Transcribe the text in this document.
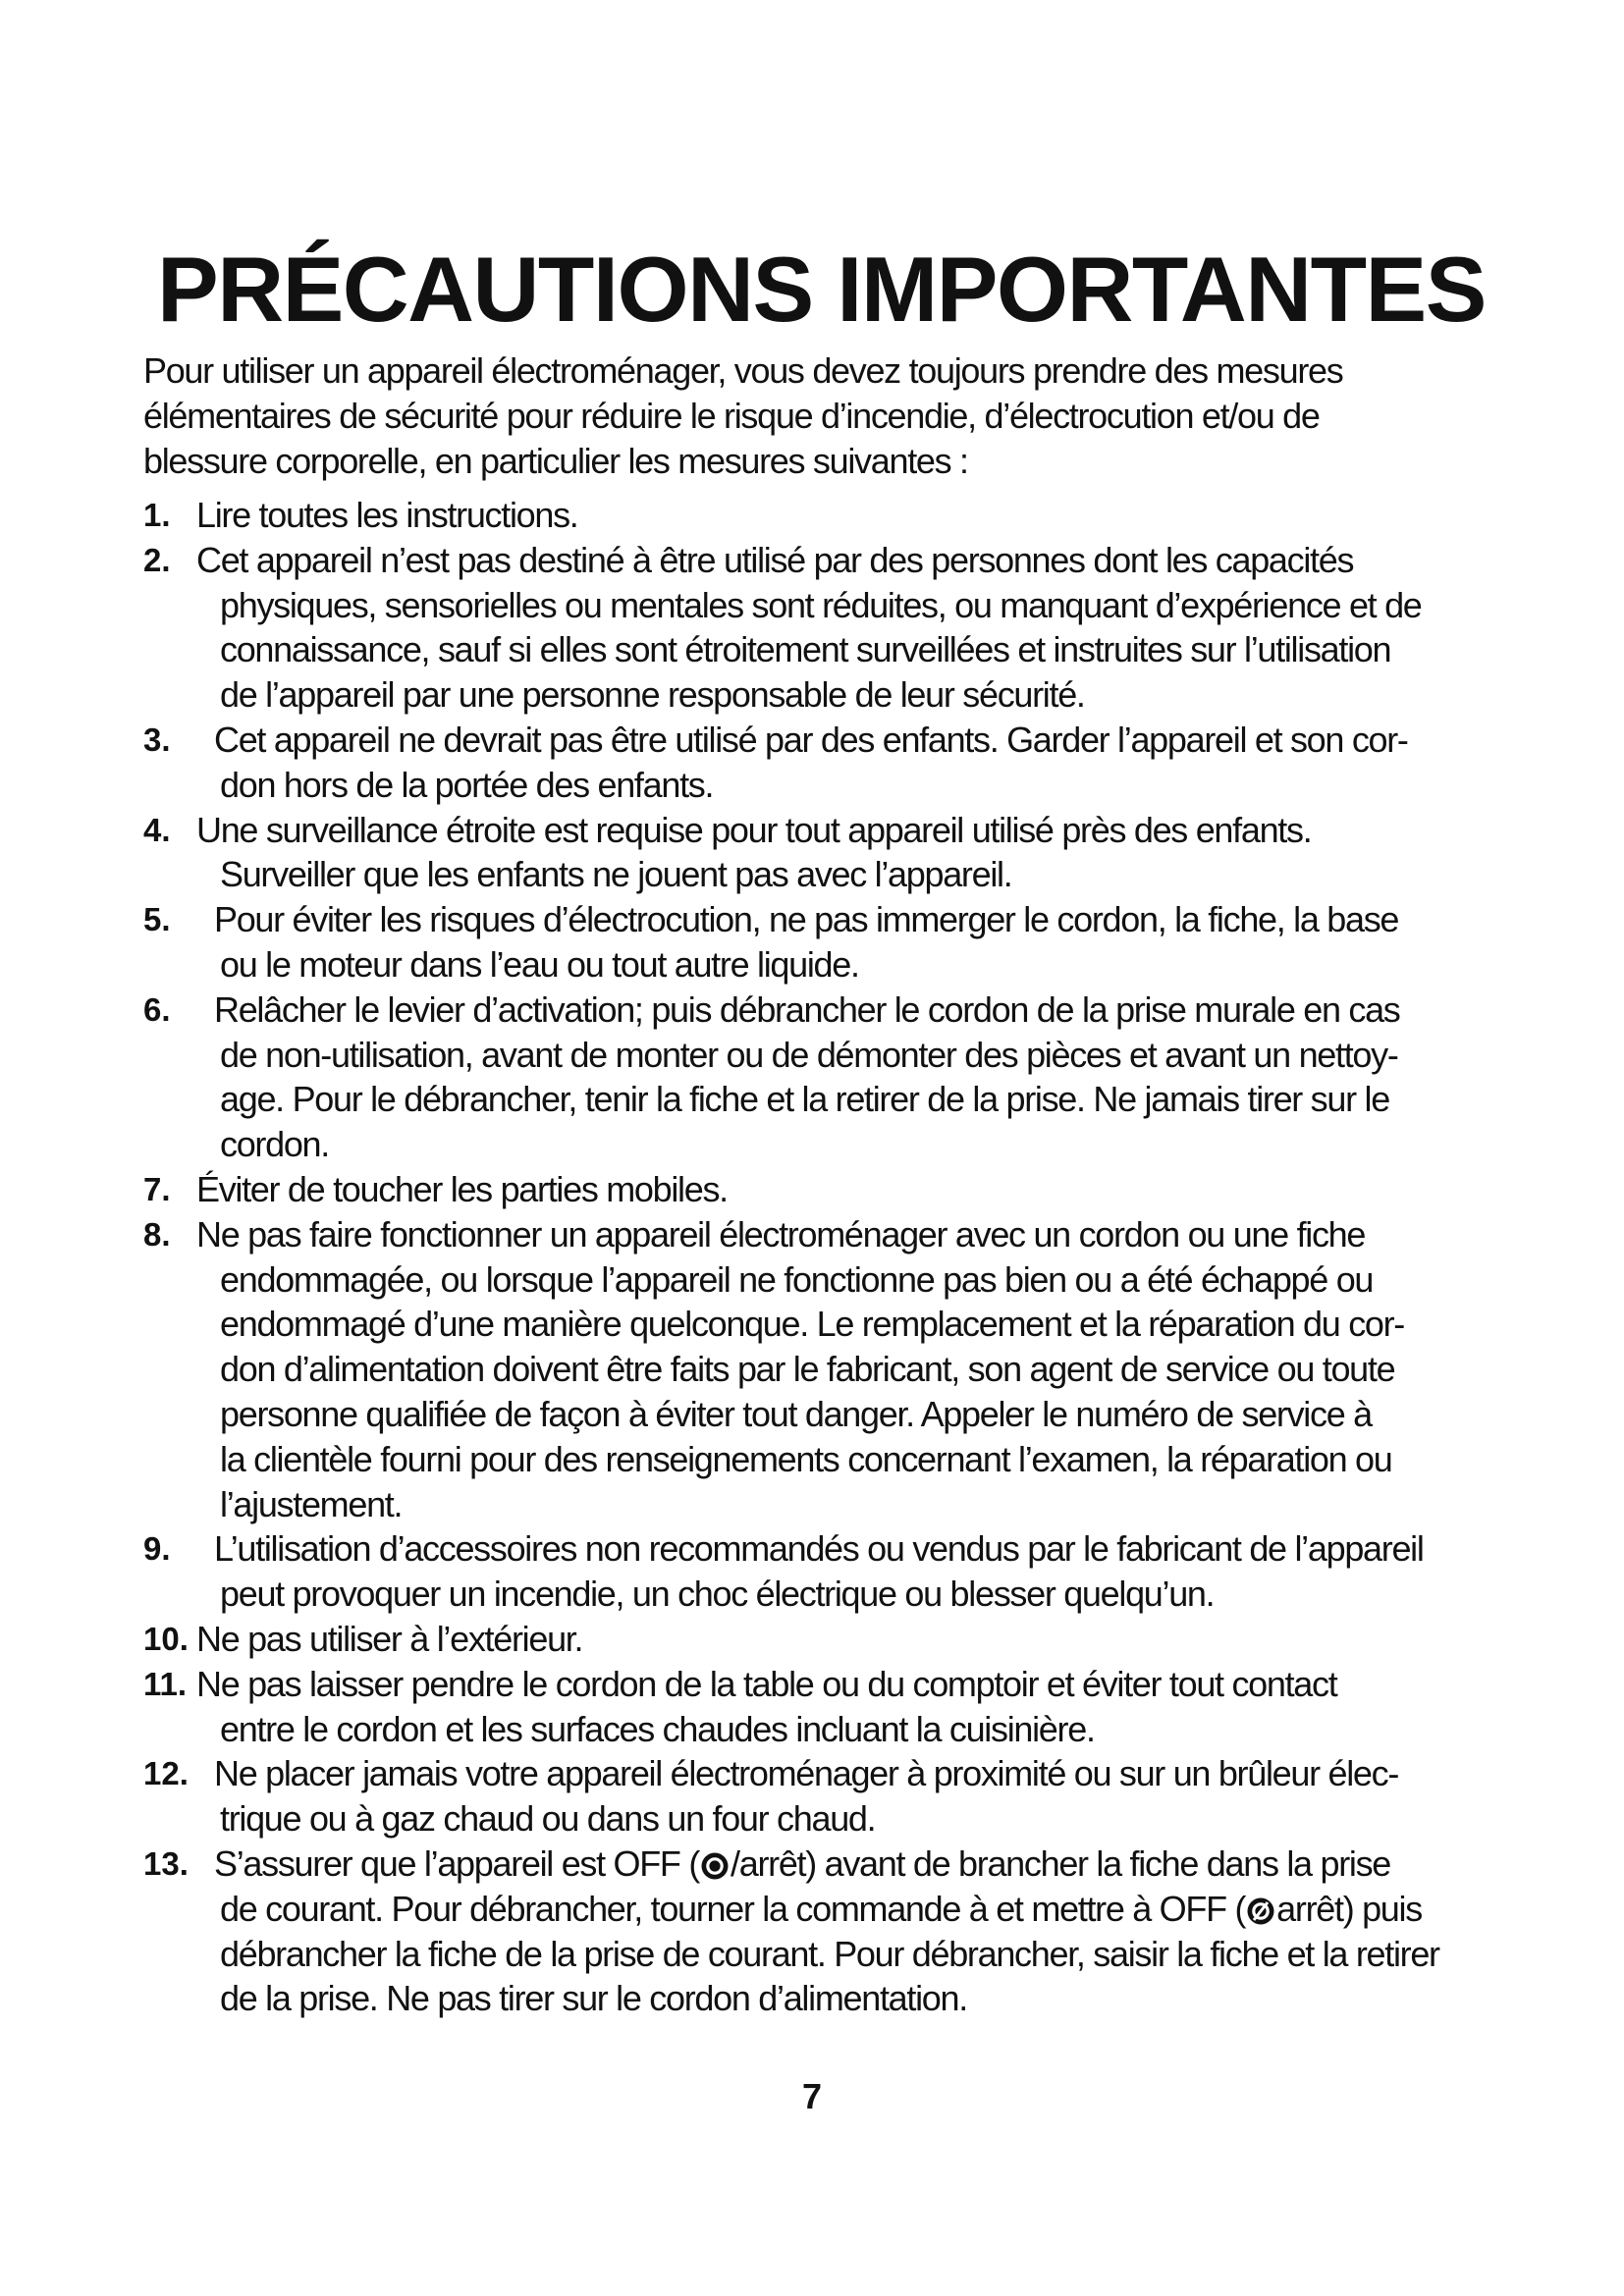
PRÉCAUTIONS IMPORTANTES

Pour utiliser un appareil électroménager, vous devez toujours prendre des mesures
élémentaires de sécurité pour réduire le risque d’incendie, d’électrocution et/ou de
blessure corporelle, en particulier les mesures suivantes :

1. Lire toutes les instructions.
2. Cet appareil n’est pas destiné à être utilisé par des personnes dont les capacités
physiques, sensorielles ou mentales sont réduites, ou manquant d’expérience et de
connaissance, sauf si elles sont étroitement surveillées et instruites sur l’utilisation
de l’appareil par une personne responsable de leur sécurité.
3. Cet appareil ne devrait pas être utilisé par des enfants. Garder l’appareil et son cor-
don hors de la portée des enfants.
4. Une surveillance étroite est requise pour tout appareil utilisé près des enfants.
Surveiller que les enfants ne jouent pas avec l’appareil.
5. Pour éviter les risques d’électrocution, ne pas immerger le cordon, la fiche, la base
ou le moteur dans l’eau ou tout autre liquide.
6. Relâcher le levier d’activation; puis débrancher le cordon de la prise murale en cas
de non-utilisation, avant de monter ou de démonter des pièces et avant un nettoy-
age. Pour le débrancher, tenir la fiche et la retirer de la prise. Ne jamais tirer sur le
cordon.
7. Éviter de toucher les parties mobiles.
8. Ne pas faire fonctionner un appareil électroménager avec un cordon ou une fiche
endommagée, ou lorsque l’appareil ne fonctionne pas bien ou a été échappé ou
endommagé d’une manière quelconque. Le remplacement et la réparation du cor-
don d’alimentation doivent être faits par le fabricant, son agent de service ou toute
personne qualifiée de façon à éviter tout danger. Appeler le numéro de service à
la clientèle fourni pour des renseignements concernant l’examen, la réparation ou
l’ajustement.
9. L’utilisation d’accessoires non recommandés ou vendus par le fabricant de l’appareil
peut provoquer un incendie, un choc électrique ou blesser quelqu’un.
10. Ne pas utiliser à l’extérieur.
11. Ne pas laisser pendre le cordon de la table ou du comptoir et éviter tout contact
entre le cordon et les surfaces chaudes incluant la cuisinière.
12. Ne placer jamais votre appareil électroménager à proximité ou sur un brûleur élec-
trique ou à gaz chaud ou dans un four chaud.
13. S’assurer que l’appareil est OFF ( /arrêt) avant de brancher la fiche dans la prise
de courant. Pour débrancher, tourner la commande à et mettre à OFF ( arrêt) puis
débrancher la fiche de la prise de courant. Pour débrancher, saisir la fiche et la retirer
de la prise. Ne pas tirer sur le cordon d’alimentation.
7
